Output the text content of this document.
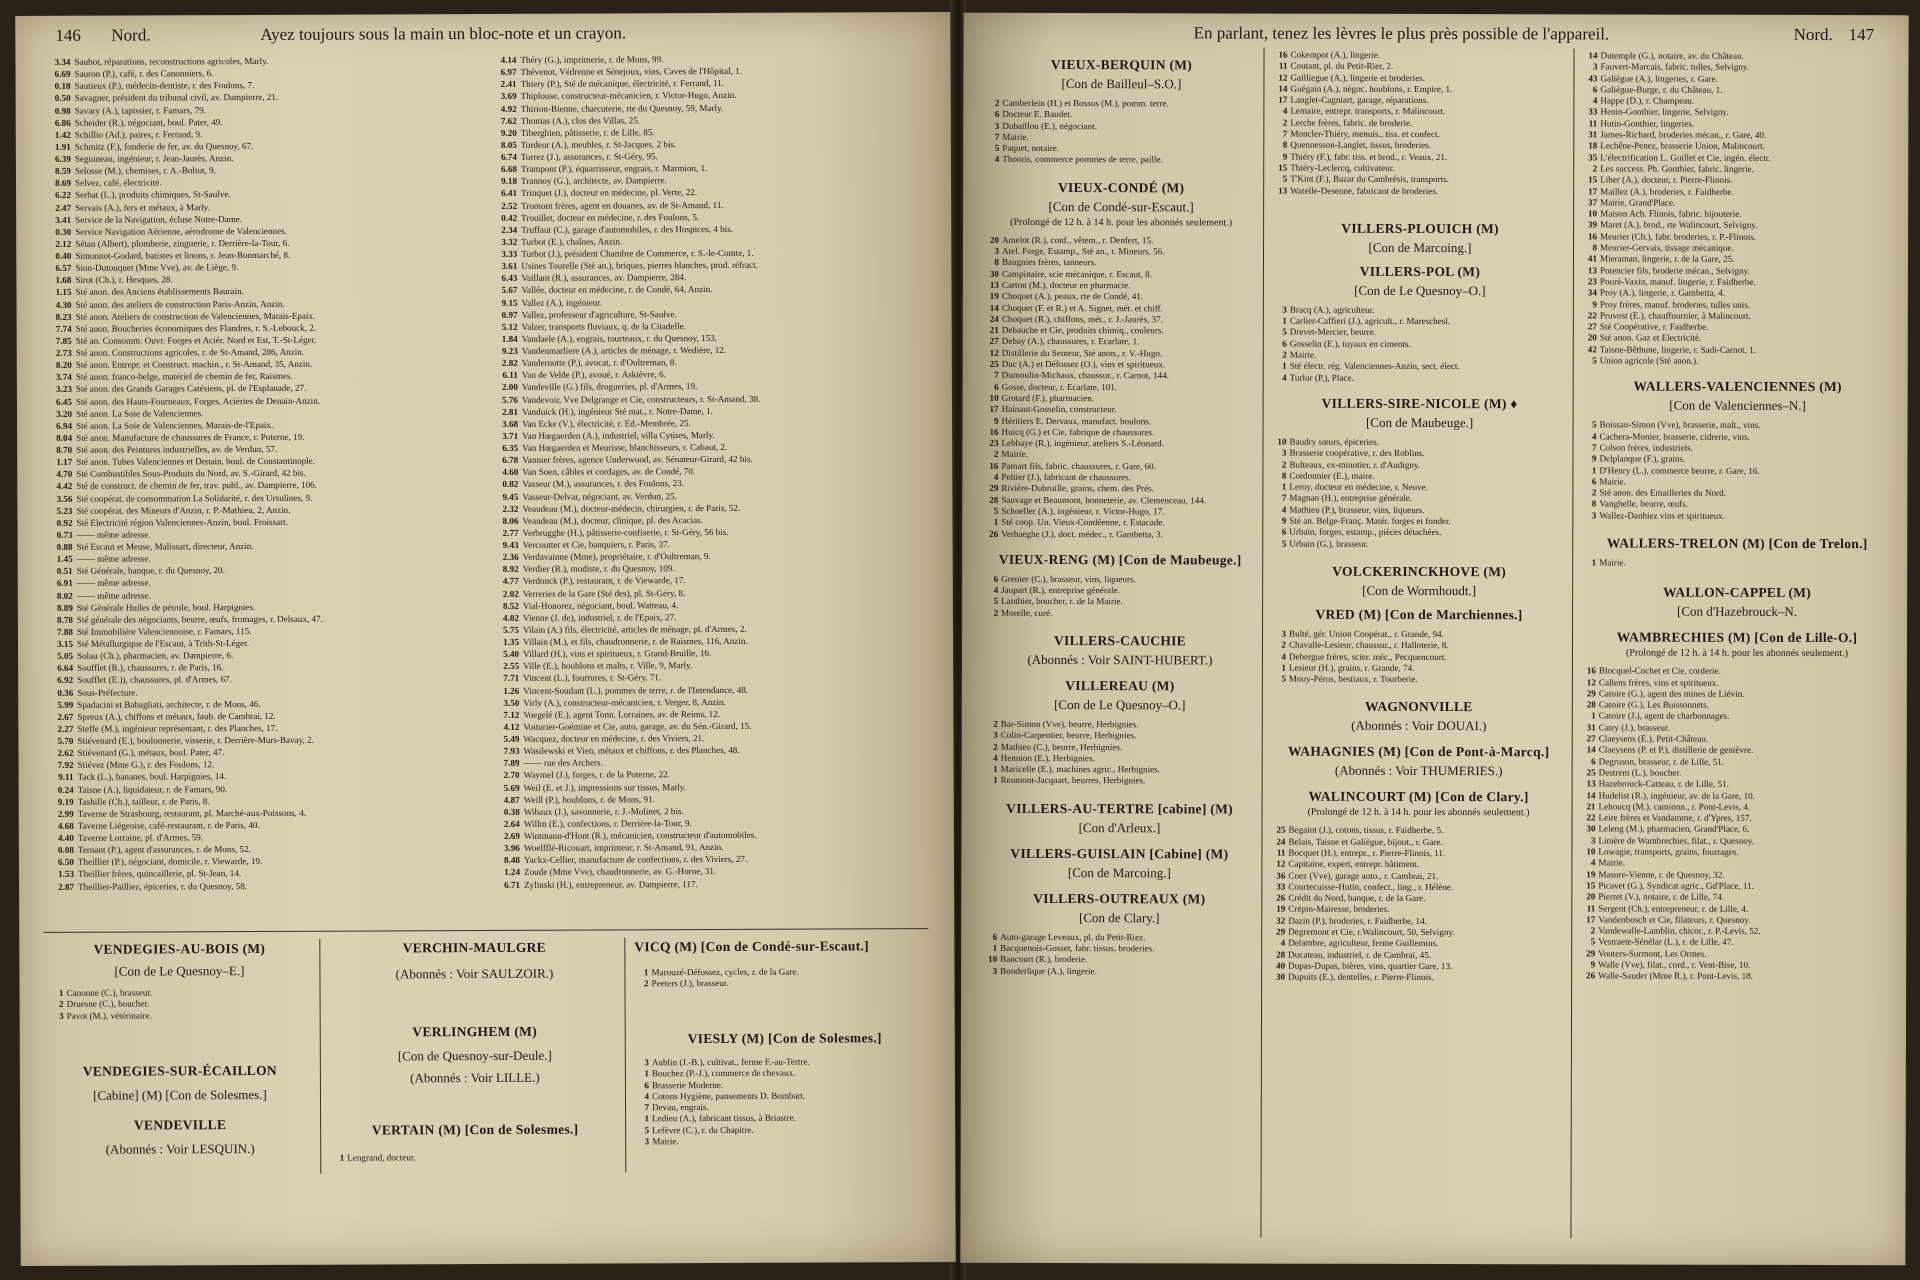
146 Nord.	Ayez toujours sous la main un bloc-note et un crayon.
3.34 Saubot, réparations, reconstructions agricoles, Marly.
6.69 Sauron (P.), café, r. des Canonniers, 6.
0.18 Sautieux (P.), médecin-dentiste, r. des Foulons, 7.
0.50 Savagner, président du tribunal civil, av. Dampierre, 21.
0.98 Savary (A.), tapissier, r. Famars, 79.
6.86 Scheider (R.), négociant, boul. Pater, 49.
1.42 Schillio (Ad.), paires, r. Ferrand, 9.
1.91 Schmitz (F.), fonderie de fer, av. du Quesnoy, 67.
6.39 Seguineau, ingénieur, r. Jean-Jaurès, Anzin.
8.59 Selosse (M.), chemises, r. A.-Boltot, 9.
8.69 Selvez, café, électricité.
6.22 Serbat (L.), produits chimiques, St-Saulve.
2.47 Servais (A.), fers et métaux, à Marly.
3.41 Service de la Navigation, écluse Notre-Dame.
0.30 Service Navigation Aérienne, aérodrome de Valenciennes.
2.12 Sétan (Albert), plomberie, zinguerie, r. Derrière-la-Tour, 6.
0.40 Simonnot-Godard, batistes et linons, r. Jean-Bonmarché, 8.
6.57 Sion-Dutouquet (Mme Vve), av. de Liège, 9.
1.68 Sirot (Ch.), r. Hesques, 28.
1.15 Sté anon. des Anciens établissements Baurain.
4.30 Sté anon. des ateliers de construction Paris-Anzin, Anzin.
8.23 Sté anon. Ateliers de construction de Valenciennes, Marais-Epaix.
7.74 Sté anon. Boucheries économiques des Flandres, r. S.-Lebouck, 2.
7.85 Sté an. Consomm. Ouvr. Forges et Aciér. Nord et Est, T.-St-Léger.
2.73 Sté anon. Constructions agricoles, r. de St-Amand, 286, Anzin.
8.20 Sté anon. Entrepr. et Construct. machin., r. St-Amand, 35, Anzin.
3.74 Sté anon. franco-belge, matériel de chemin de fer, Raismes.
3.23 Sté anon. des Grands Garages Catésiens, pl. de l'Esplanade, 27.
6.45 Sté anon. des Hauts-Fourneaux, Forges, Aciéries de Denain-Anzin.
3.20 Sté anon. La Soie de Valenciennes.
6.94 Sté anon. La Soie de Valenciennes, Marais-de-l'Epaix.
8.04 Sté anon. Manufacture de chaussures de France, r. Poterne, 19.
8.70 Sté anon. des Peintures industrielles, av. de Verdun, 57.
1.17 Sté anon. Tubes Valenciennes et Denain, boul. de Constantinople.
4.70 Sté Combustibles Sous-Produits du Nord, av. S.-Girard, 42 bis.
4.42 Sté de construct. de chemin de fer, trav. publ., av. Dampierre, 106.
3.56 Sté coopérat. de consommation La Solidarité, r. des Ursulines, 9.
5.23 Sté coopérat. des Mineurs d'Anzin, r. P.-Mathieu, 2, Anzin.
0.92 Sté Electricité région Valenciennes-Anzin, boul. Froissart.
0.73 —— même adresse.
0.88 Sté Escaut et Meuse, Malissart, directeur, Anzin.
1.45 —— même adresse.
0.51 Sté Générale, banque, r. du Quesnoy, 20.
6.91 —— même adresse.
8.02 —— même adresse.
8.89 Sté Générale Huiles de pétrole, boul. Harpignies.
8.78 Sté générale des négociants, beurre, œufs, fromages, r. Delsaux, 47.
7.88 Sté Immobilière Valenciennoise, r. Famars, 115.
3.15 Sté Métallurgique de l'Escaut, à Trith-St-Léger.
5.05 Solau (Ch.), pharmacien, av. Dampierre, 6.
6.64 Soufflet (R.), chaussures, r. de Paris, 16.
6.92 Soufflet (E.)), chaussures, pl. d'Armes, 67.
0.36 Sous-Préfecture.
5.99 Spadacini et Babagliati, architecte, r. de Mons, 46.
2.67 Spreux (A.), chiffons et métaux, faub. de Cambrai, 12.
2.27 Steffe (M.), ingénieur représentant, r. des Planches, 17.
5.70 Stiévenard (E.), boulonnerie, visserie, r. Derrière-Murs-Bavay, 2.
2.62 Stiévenard (G.), métaux, boul. Pater, 47.
7.92 Stiévez (Mme G.), r. des Foulons, 12.
9.11 Tack (L.), bananes, boul. Harpignies, 14.
0.24 Taisne (A.), liquidateur, r. de Famars, 90.
9.19 Tashille (Ch.), tailleur, r. de Paris, 8.
2.99 Taverne de Strasbourg, restaurant, pl. Marché-aux-Poissons, 4.
4.68 Taverne Liégeoise, café-restaurant, r. de Paris, 40.
4.40 Taverne Lorraine, pl. d'Armes, 59.
0.08 Ternant (P.), agent d'assurances, r. de Mons, 52.
6.50 Theillier (P.), négociant, domicile, r. Viewarde, 19.
1.53 Theillier frères, quincaillerie, pl. St-Jean, 14.
2.87 Theillier-Pailliez, épiceries, r. du Quesnoy, 58.
4.14 Théry (G.), imprimerie, r. de Mons, 99.
6.97 Thévenot, Védrenne et Sénejoux, vins, Caves de l'Hôpital, 1.
2.41 Thiery (P.), Sté de mécanique, électricité, r. Ferrand, 11.
3.69 Thiplouse, constructeur-mécanicien, r. Victor-Hugo, Anzin.
4.92 Thirion-Bienne, charcuterie, rte du Quesnoy, 59, Marly.
7.62 Thomas (A.), clos des Villas, 25.
9.20 Tiberghien, pâtisserie, r. de Lille, 85.
8.05 Tordeur (A.), meubles, r. St-Jacques, 2 bis.
6.74 Torrez (J.), assurances, r. St-Géry, 95.
6.68 Trampont (P.), équarrisseur, engrais, r. Marmion, 1.
9.18 Trannoy (G.), architecte, av. Dampierre.
6.41 Trinquet (J.), docteur en médecine, pl. Verte, 22.
2.52 Tromont frères, agent en douanes, av. de St-Amand, 11.
0.42 Trouillet, docteur en médecine, r. des Foulons, 5.
2.34 Truffaut (C.), garage d'automobiles, r. des Hospices, 4 bis.
3.32 Turbot (E.), chaînes, Anzin.
3.33 Turbot (J.), président Chambre de Commerce, r. S.-le-Comte, 1.
3.61 Usines Tourelle (Sté an.), briques, pierres blanches, prod. réfract.
6.43 Vaillant (R.), assurances, av. Dampierre, 284.
5.67 Vallée, docteur en médecine, r. de Condé, 64, Anzin.
9.15 Vallez (A.), ingénieur.
0.97 Vallez, professeur d'agriculture, St-Saulve.
5.12 Valzer, transports fluviaux, q. de la Citadelle.
1.84 Vandaele (A.), engrais, tourteaux, r. du Quesnoy, 153.
9.23 Vandenmarliere (A.), articles de ménage, r. Wedière, 12.
2.82 Vandernotte (P.), avocat, r. d'Oultreman, 8.
6.11 Van de Velde (P.), avoué, r. Askièvre, 6.
2.00 Vandeville (G.) fils, drogueries, pl. d'Armes, 19.
5.76 Vandevoir, Vve Delgrange et Cie, constructeurs, r. St-Amand, 38.
2.81 Vanduick (H.), ingénieur Sté mat., r. Notre-Dame, 1.
3.68 Van Ecke (V.), électricité, r. Ed.-Membrée, 25.
3.71 Van Hœgaerden (A.), industriel, villa Cytises, Marly.
6.35 Van Hœgaerden et Meurisse, blanchisseurs, r. Cabaut, 2.
6.78 Vannier frères, agence Underwood, av. Sénateur-Girard, 42 bis.
4.60 Van Soen, câbles et cordages, av. de Condé, 70.
0.82 Vasseur (M.), assurances, r. des Foulons, 23.
9.45 Vasseur-Delvar, négociant, av. Verdun, 25.
2.32 Veaudeau (M.), docteur-médecin, chirurgien, r. de Paris, 52.
8.06 Veaudeau (M.), docteur, clinique, pl. des Acacias.
2.77 Verbrugghe (H.), pâtisserie-confiserie, r. St-Géry, 56 bis.
9.43 Vercoutter et Cie, banquiers, r. Paris, 37.
2.36 Verdavainne (Mme), propriétaire, r. d'Oultreman, 9.
8.92 Verdier (R.), modiste, r. du Quesnoy, 109.
4.77 Verdonck (P.), restaurant, r. de Viewarde, 17.
2.02 Verreries de la Gare (Sté des), pl. St-Géry, 8.
8.52 Vial-Honorez, négociant, boul. Watteau, 4.
4.02 Vienne (J. de), industriel, r. de l'Epaix, 27.
5.75 Vilain (A.) fils, électricité, articles de ménage, pl. d'Armes, 2.
1.35 Villain (M.), et fils, chaudronnerie, r. de Raismes, 116, Anzin.
5.40 Villard (H.), vins et spiritueux, r. Grand-Bruille, 16.
2.55 Ville (E.), houblons et malts, r. Ville, 9, Marly.
7.71 Vincent (L.), fourrures, r. St-Géry, 71.
1.26 Vincent-Soudant (L.), pommes de terre, r. de l'Intendance, 48.
3.50 Virly (A.), constructeur-mécanicien, r. Verger, 8, Anzin.
7.12 Voegelé (E.), agent Tonn. Lorraines, av. de Reims, 12.
4.12 Voiturier-Goémine et Cie, auto, garage, av. du Sén.-Girard, 15.
5.49 Wacquez, docteur en médecine, r. des Viviers, 21.
7.93 Wasilewski et Vien, métaux et chiffons, r. des Planches, 48.
7.89 —— rue des Archers.
2.70 Waymel (J.), forges, r. de la Poterne, 22.
5.69 Weil (E. et J.), impressions sur tissus, Marly.
4.87 Weill (P.), houblons, r. de Mons, 91.
0.38 Wibaux (J.), savonnerie, r. J.-Molinet, 2 bis.
2.64 Willm (E.), confections, r. Derrière-la-Tour, 9.
2.69 Wintmann-d'Hont (R.), mécanicien, constructeur d'automobiles.
3.96 Woelfflé-Ricouart, imprimeur, r. St-Amand, 91, Anzin.
8.48 Yackx-Cellier, manufacture de confections, r. des Viviers, 27.
1.24 Zoude (Mme Vve), chaudronnerie, av. G.-Horne, 31.
6.71 Zylinski (H.), entrepreneur, av. Dampierre, 117.
VENDEGIES-AU-BOIS (M)
[Con de Le Quesnoy–E.]
1 Canonne (C.), brasseur.
2 Druesne (C.), boucher.
3 Pavot (M.), vétérinaire.
VENDEGIES-SUR-ÉCAILLON
[Cabine] (M) [Con de Solesmes.]
VENDEVILLE
(Abonnés : Voir LESQUIN.)
VERCHIN-MAULGRE
(Abonnés : Voir SAULZOIR.)
VERLINGHEM (M)
[Con de Quesnoy-sur-Deule.]
(Abonnés : Voir LILLE.)
VERTAIN (M) [Con de Solesmes.]
1 Lengrand, docteur.
VICQ (M) [Con de Condé-sur-Escaut.]
1 Marouzé-Défossez, cycles, r. de la Gare.
2 Peeters (J.), brasseur.
VIESLY (M) [Con de Solesmes.]
3 Aublin (J.-B.), cultivat., ferme F.-au-Tertre.
1 Bouchez (P.-J.), commerce de chevaux.
6 Brasserie Moderne.
4 Cotons Hygiène, pansements D. Bombart.
7 Devau, engrais.
1 Ledieu (A.), fabricant tissus, à Briastre.
5 Lefèvre (C.), r. du Chapitre.
3 Mairie.
En parlant, tenez les lèvres le plus près possible de l'appareil.	Nord. 147
VIEUX-BERQUIN (M)
[Con de Bailleul–S.O.]
2 Camberlein (H.) et Bossus (M.), pomm. terre.
6 Docteur E. Baudet.
3 Dubaillou (E.), négociant.
7 Mairie.
5 Paquet, notaire.
4 Thooris, commerce pommes de terre, paille.
VIEUX-CONDÉ (M)
[Con de Condé-sur-Escaut.]
(Prolongé de 12 h. à 14 h. pour les abonnés seulement.)
20 Amelot (R.), conf., vêtem., r. Denfert, 15.
3 Atel. Forge, Estamp., Sté an., r. Mineurs, 56.
8 Baugnies frères, tanneurs.
30 Campinaire, scie mécanique, r. Escaut, 8.
13 Carton (M.), docteur en pharmacie.
19 Choquet (A.), peaux, rte de Condé, 41.
14 Choquet (F. et R.) et A. Signet, mét. et chiff.
24 Choquet (R.), chiffons, mét., r. J.-Jaurès, 37.
21 Debauche et Cie, produits chimiq., couleurs.
27 Debay (A.), chaussures, r. Ecarlate, 1.
12 Distillerie du Semeur, Sté anon., r. V.-Hugo.
25 Duc (A.) et Défossez (O.), vins et spiritueux.
7 Dumoulin-Michaux, chaussur., r. Carnot, 144.
6 Gosse, docteur, r. Ecarlate, 101.
10 Grotard (F.), pharmacien.
17 Hainaut-Gosselin, constructeur.
9 Héritiers E. Dervaux, manufact. boulons.
16 Huicq (G.) et Cie, fabrique de chaussures.
23 Lebbaye (R.), ingénieur, ateliers S.-Léonard.
2 Mairie.
16 Pamart fils, fabric. chaussures, r. Gare, 60.
4 Peltier (J.), fabricant de chaussures.
29 Rivière-Dubruille, grains, chem. des Prés.
28 Sauvage et Beaumont, bonneterie, av. Clemenceau, 144.
5 Schoeller (A.), ingénieur, r. Victor-Hugo, 17.
1 Sté coop. Un. Vieux-Condéenne, r. Estacade.
26 Verhaeghe (J.), doct. médec., r. Gambetta, 3.
VIEUX-RENG (M) [Con de Maubeuge.]
6 Grenier (C.), brasseur, vins, liqueurs.
4 Jaupart (R.), entreprise générale.
5 Lanthier, boucher, r. de la Mairie.
2 Morelle, curé.
VILLERS-CAUCHIE
(Abonnés : Voir SAINT-HUBERT.)
VILLEREAU (M)
[Con de Le Quesnoy–O.]
2 Bar-Simon (Vve), beurre, Herbignies.
3 Colin-Carpentier, beurre, Herbignies.
2 Mathieu (C.), beurre, Herbignies.
4 Hennion (E.), Herbignies.
1 Maricelle (E.), machines agric., Herbignies.
1 Reumont-Jacquart, beurres, Herbignies.
VILLERS-AU-TERTRE [cabine] (M)
[Con d'Arleux.]
VILLERS-GUISLAIN [Cabine] (M)
[Con de Marcoing.]
VILLERS-OUTREAUX (M)
[Con de Clary.]
6 Auto-garage Leveaux, pl. du Petit-Riez.
1 Bacquenois-Gosset, fabr. tissus, broderies.
10 Bancourt (R.), broderie.
3 Bonderlique (A.), lingerie.
16 Cokempot (A.), lingerie.
11 Coutant, pl. du Petit-Rier, 2.
12 Gailliegue (A.), lingerie et broderies.
14 Guégain (A.), négoc. houblons, r. Empire, 1.
17 Langlet-Cagniart, garage, réparations.
4 Lemaire, entrepr. transports, r. Malincourt.
2 Lerche frères, fabric. de broderie.
7 Moncler-Thiéry, menuis., tiss. et confect.
8 Quennesson-Langlet, tissus, broderies.
9 Thiéry (F.), fabr. tiss. et brod., r. Veaux, 21.
15 Thiéry-Leclercq, cultivateur.
5 T'Kint (F.), Bazar du Cambrésis, transports.
13 Watelle-Desenne, fabricant de broderies.
VILLERS-PLOUICH (M)
[Con de Marcoing.]
VILLERS-POL (M)
[Con de Le Quesnoy–O.]
3 Bracq (A.), agriculteur.
1 Carlier-Caffieri (J.), agricult., r. Mareschesl.
5 Drevet-Mercier, beurre.
6 Gosselin (E.), tuyaux en ciments.
2 Mairie.
1 Sté électr. rég. Valenciennes-Anzin, sect. élect.
4 Turlur (P.), Place.
VILLERS-SIRE-NICOLE (M) ♦
[Con de Maubeuge.]
10 Baudry sœurs, épiceries.
3 Brasserie coopérative, r. des Roblins.
2 Bulteaux, ex-minotier, r. d'Audigny.
8 Cordonnier (E.), maire.
1 Leroy, docteur en médecine, r. Neuve.
7 Magnan (H.), entreprise générale.
4 Mathieu (P.), brasseur, vins, liqueurs.
9 Sté an. Belge-Franç. Matér. forges et fonder.
6 Urbain, forges, estamp., pièces détachées.
5 Urbain (G.), brasseur.
VOLCKERINCKHOVE (M)
[Con de Wormhoudt.]
VRED (M) [Con de Marchiennes.]
3 Bulté, gér. Union Coopérat., r. Grande, 94.
2 Chavalle-Lesieur, chaussur., r. Halloterie, 8.
4 Debergue frères, scier. méc., Pecquencourt.
1 Lesieur (H.), grains, r. Grande, 74.
5 Mouy-Pérus, bestiaux, r. Tourberie.
WAGNONVILLE
(Abonnés : Voir DOUAI.)
WAHAGNIES (M) [Con de Pont-à-Marcq.]
(Abonnés : Voir THUMERIES.)
WALINCOURT (M) [Con de Clary.]
(Prolongé de 12 h. à 14 h. pour les abonnés seulement.)
25 Begaint (J.), cotons, tissus, r. Faidherbe, 5.
24 Belais, Taisne et Galiègue, bijout., r. Gare.
11 Bocquet (H.), entrepr., r. Pierre-Flinois, 11.
12 Capitaine, expert, entrepr. bâtiment.
36 Coez (Vve), garage auto., r. Cambrai, 21.
33 Courtecuisse-Hutin, confect., ling., r. Hélène.
26 Crédit du Nord, banque, r. de la Gare.
19 Crépin-Mairesse, broderies.
32 Dazin (P.), broderies, r. Faidherbe, 14.
29 Degremont et Cie, r.Walincourt, 50, Selvigny.
4 Delambre, agriculteur, ferme Guillemins.
28 Ducateau, industriel, r. de Cambrai, 45.
40 Dupas-Dupas, bières, vins, quartier Gare, 13.
30 Dupuits (E.), dentelles, r. Pierre-Flinois.
14 Dutemple (G.), notaire, av. du Château.
3 Fauvert-Marcais, fabric. tulles, Selvigny.
43 Galiègue (A.), lingeries, r. Gare.
6 Galiègue-Burge, r. du Château, 1.
4 Happe (D.), r. Champeau.
33 Henin-Gonthier, lingerie, Selvigny.
11 Hutin-Gonthier, lingeries.
31 James-Richard, broderies mécan., r. Gare, 40.
18 Lechêne-Penez, brasserie Union, Malincourt.
35 L'électrification L. Guillet et Cie, ingén. électr.
2 Les success. Ph. Gonthier, fabric. lingerie.
15 Liber (A.), docteur, r. Pierre-Flinois.
17 Maillez (A.), broderies, r. Faidherbe.
37 Mairie, Grand'Place.
10 Maison Ach. Flinois, fabric. bijouterie.
39 Maret (A.), brod., rte Walincourt, Selvigny.
16 Meurier (Ch.), fabr. broderies, r. P.-Flinois.
8 Meurier-Gervais, tissage mécanique.
41 Mieraman, lingerie, r. de la Gare, 25.
13 Potencier fils, broderie mécan., Selvigny.
23 Pourè-Vaxin, manuf. lingerie, r. Faidherbe.
34 Proy (A.), lingerie, r. Gambetta, 4.
9 Proy frères, manuf. broderies, tulles unis.
22 Pruvost (E.), chauffournier, à Malincourt.
27 Sté Coopérative, r. Faidherbe.
20 Sté anon. Gaz et Electricité.
42 Taisne-Bêthune, lingerie, r. Sadi-Carnot, 1.
5 Union agricole (Sté anon.).
WALLERS-VALENCIENNES (M)
[Con de Valenciennes–N.]
5 Boissau-Simon (Vve), brasserie, malt., vins.
4 Cachera-Monier, brasserie, cidrerie, vins.
7 Colson frères, industriels.
9 Delplanque (F.), grains.
1 D'Henry (L.), commerce beurre, r. Gare, 16.
6 Mairie.
2 Sté anon. des Emailleries du Nord.
8 Vanghelle, beurre, œufs.
3 Wallez-Danhiez vins et spiritueux.
WALLERS-TRELON (M) [Con de Trelon.]
1 Mairie.
WALLON-CAPPEL (M)
[Con d'Hazebrouck–N.
WAMBRECHIES (M) [Con de Lille-O.]
(Prolongé de 12 h. à 14 h. pour les abonnés seulement.)
16 Blocquel-Cochet et Cie, corderie.
12 Callens frères, vins et spiritueux.
29 Catoire (G.), agent des mines de Liévin.
28 Catoire (G.), Les Buissonnets.
1 Catoire (J.), agent de charbonnages.
31 Catry (J.), brasseur.
27 Claeysens (E.), Petit-Château.
14 Claeysens (P. et P.), distillerie de genièvre.
6 Degruson, brasseur, r. de Lille, 51.
25 Destrem (L.), boucher.
13 Hazebrouck-Catteau, r. de Lille, 51.
14 Hudelist (R.), ingénieur, av. de la Gare, 10.
21 Lehoucq (M.), camionn., r. Pont-Levis, 4.
22 Leire frères et Vandamme, r. d'Ypres, 157.
30 Leleng (M.), pharmacien, Grand'Place, 6.
3 Linière de Wambrechies, filat., r. Quesnoy.
10 Lowagie, transports, grains, fourrages.
4 Mairie.
19 Masure-Vienne, r. de Quesnoy, 32.
15 Picavet (G.), Syndicat agric., Gd'Place, 11.
20 Pierret (V.), notaire, r. de Lille, 74.
11 Sergent (Ch.), entrepreneur, r. de Lille, 4.
17 Vandenbosch et Cie, filateurs, r. Quesnoy.
2 Vandewalle-Lamblin, chicor., r. P.-Levis, 52.
5 Vestraete-Sénélar (L.), r. de Lille, 47.
29 Vouters-Surmont, Les Ormes.
9 Walle (Vve), filat., cord., r. Vent-Bise, 10.
26 Walle-Sauder (Mme R.), r. Pont-Levis, 18.
